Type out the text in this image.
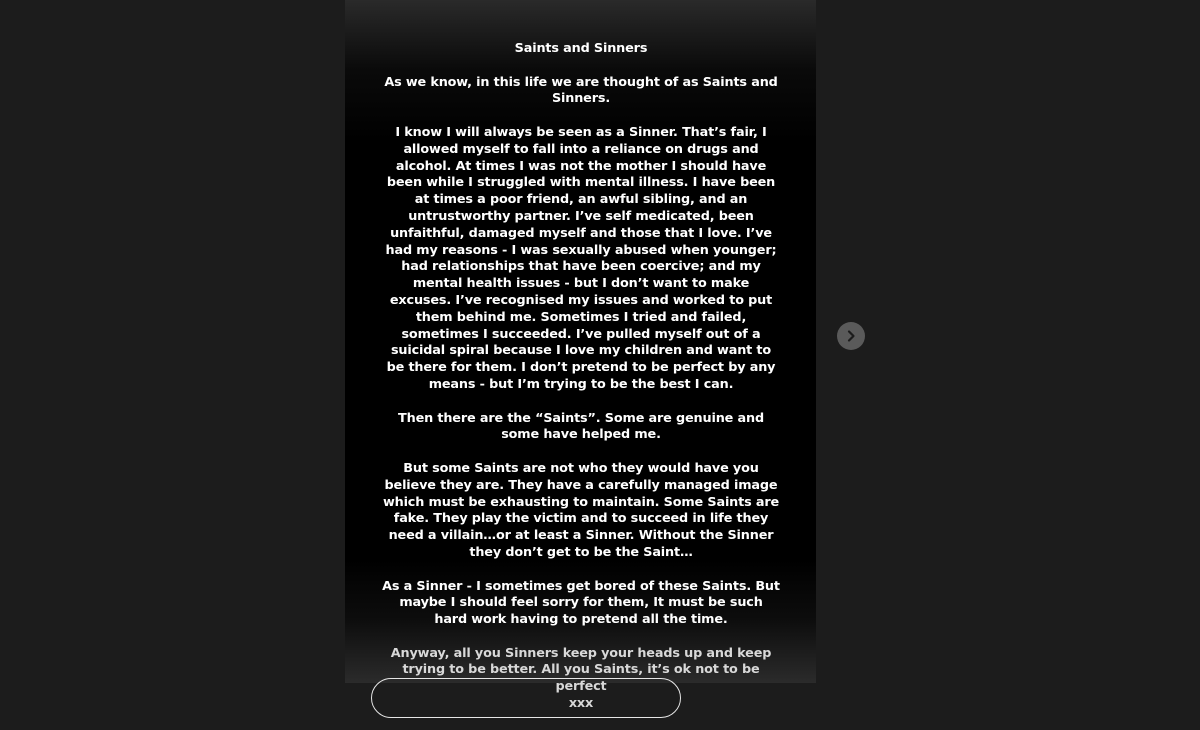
Saints and Sinners

As we know, in this life we are thought of as Saints and Sinners.

I know I will always be seen as a Sinner. That’s fair, I allowed myself to fall into a reliance on drugs and alcohol. At times I was not the mother I should have been while I struggled with mental illness. I have been at times a poor friend, an awful sibling, and an untrustworthy partner. I’ve self medicated, been unfaithful, damaged myself and those that I love. I’ve had my reasons - I was sexually abused when younger; had relationships that have been coercive; and my mental health issues - but I don’t want to make excuses. I’ve recognised my issues and worked to put them behind me. Sometimes I tried and failed, sometimes I succeeded. I’ve pulled myself out of a suicidal spiral because I love my children and want to be there for them. I don’t pretend to be perfect by any means - but I’m trying to be the best I can.

Then there are the “Saints”. Some are genuine and some have helped me.

But some Saints are not who they would have you believe they are. They have a carefully managed image which must be exhausting to maintain. Some Saints are fake. They play the victim and to succeed in life they need a villain…or at least a Sinner. Without the Sinner they don’t get to be the Saint…

As a Sinner - I sometimes get bored of these Saints. But maybe I should feel sorry for them, It must be such hard work having to pretend all the time.

Anyway, all you Sinners keep your heads up and keep trying to be better. All you Saints, it’s ok not to be perfect
xxx
